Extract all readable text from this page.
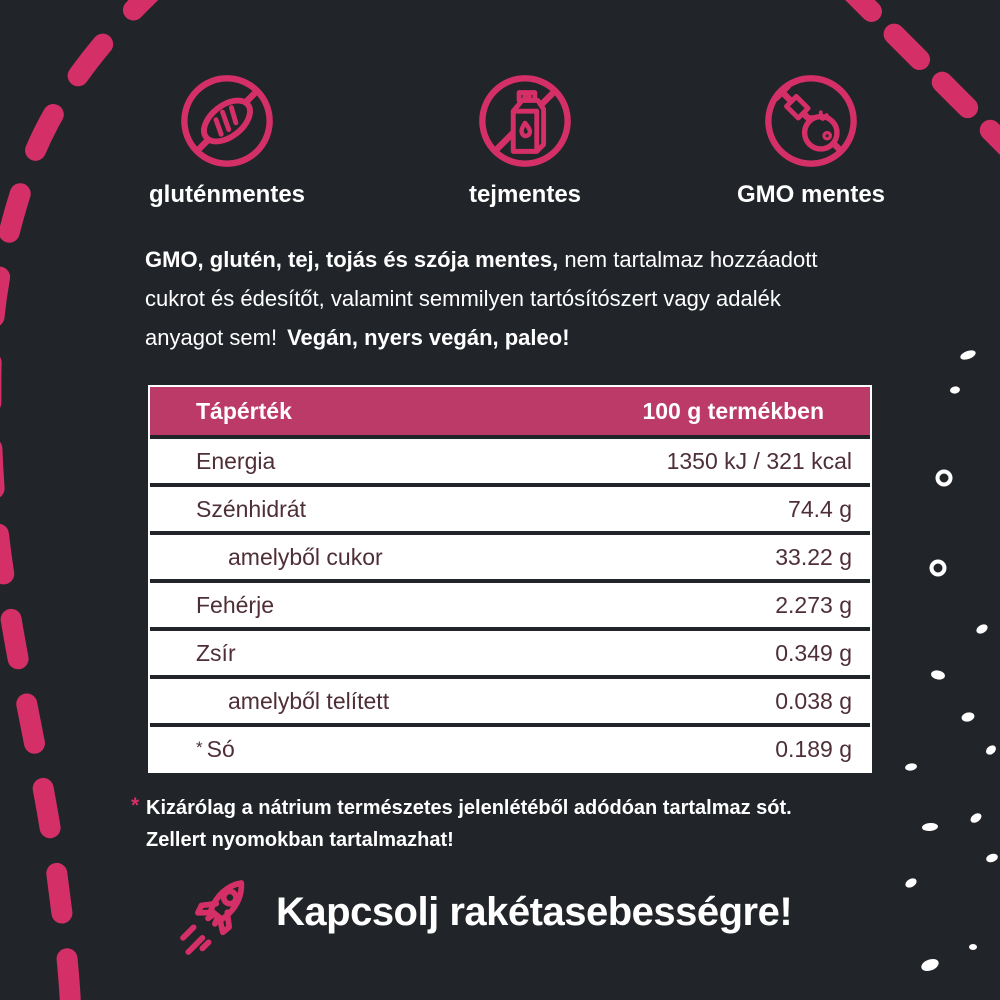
gluténmentes	tejmentes	GMO mentes
GMO, glutén, tej, tojás és szója mentes, nem tartalmaz hozzáadott
cukrot és édesítőt, valamint semmilyen tartósítószert vagy adalék
anyagot sem! Vegán, nyers vegán, paleo!
Tápérték	100 g termékben
Energia	1350 kJ / 321 kcal
Szénhidrát	74.4 g
amelyből cukor	33.22 g
Fehérje	2.273 g
Zsír	0.349 g
amelyből telített	0.038 g
* Só	0.189 g
* Kizárólag a nátrium természetes jelenlétéből adódóan tartalmaz sót.
Zellert nyomokban tartalmazhat!
Kapcsolj rakétasebességre!
